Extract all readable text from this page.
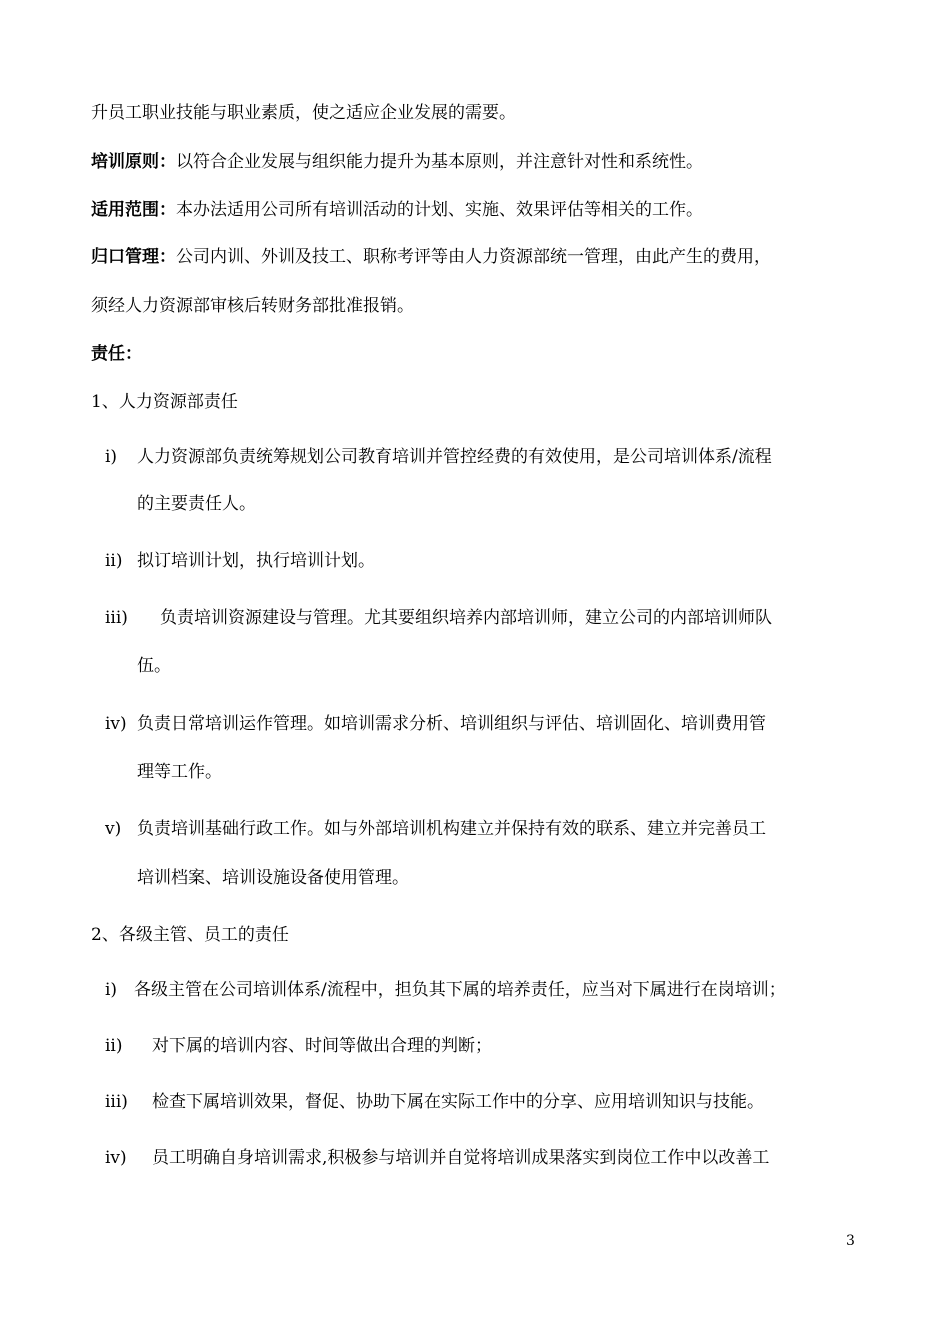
升员工职业技能与职业素质，使之适应企业发展的需要。
培训原则：以符合企业发展与组织能力提升为基本原则，并注意针对性和系统性。
适用范围：本办法适用公司所有培训活动的计划、实施、效果评估等相关的工作。
归口管理：公司内训、外训及技工、职称考评等由人力资源部统一管理，由此产生的费用，
须经人力资源部审核后转财务部批准报销。
责任：
1、人力资源部责任
i) 人力资源部负责统筹规划公司教育培训并管控经费的有效使用，是公司培训体系/流程
的主要责任人。
ii) 拟订培训计划，执行培训计划。
iii) 负责培训资源建设与管理。尤其要组织培养内部培训师，建立公司的内部培训师队
伍。
iv) 负责日常培训运作管理。如培训需求分析、培训组织与评估、培训固化、培训费用管
理等工作。
v) 负责培训基础行政工作。如与外部培训机构建立并保持有效的联系、建立并完善员工
培训档案、培训设施设备使用管理。
2、各级主管、员工的责任
i) 各级主管在公司培训体系/流程中，担负其下属的培养责任，应当对下属进行在岗培训；
ii) 对下属的培训内容、时间等做出合理的判断；
iii) 检查下属培训效果，督促、协助下属在实际工作中的分享、应用培训知识与技能。
iv) 员工明确自身培训需求,积极参与培训并自觉将培训成果落实到岗位工作中以改善工
3
